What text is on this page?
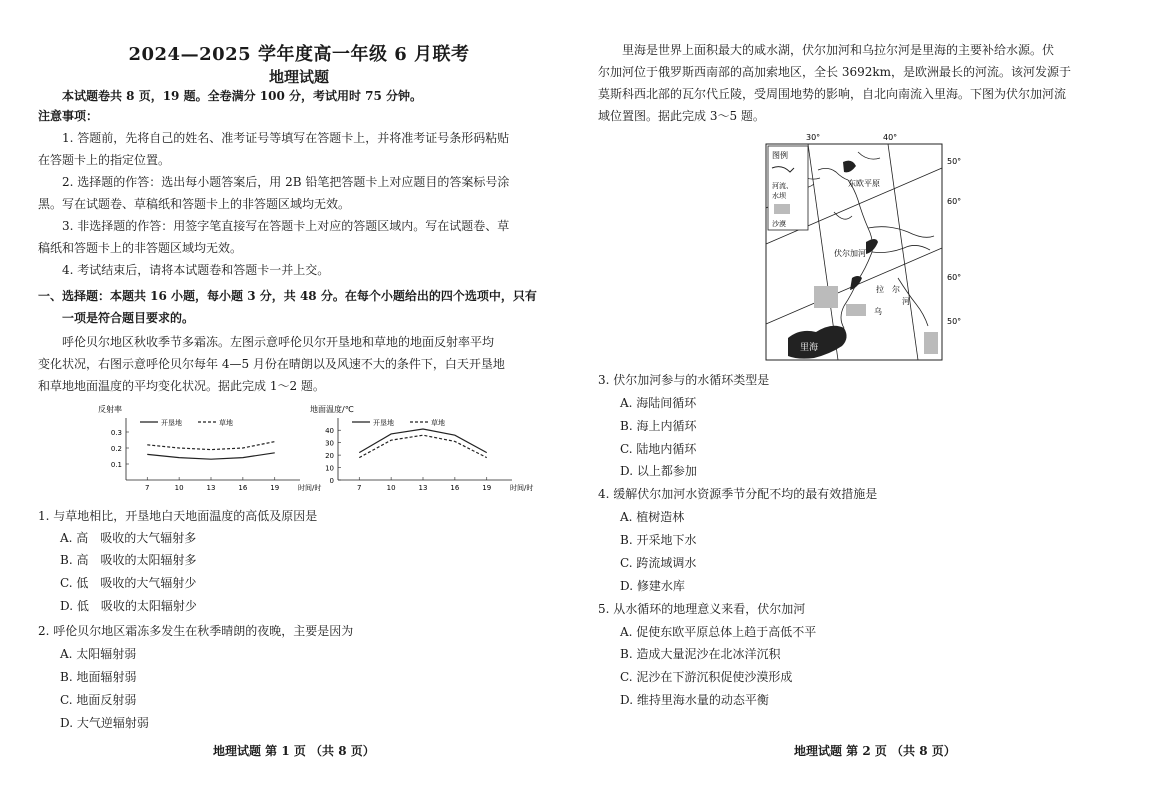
2024—2025 学年度高一年级 6 月联考
地理试题
本试题卷共 8 页，19 题。全卷满分 100 分，考试用时 75 分钟。
注意事项：
1. 答题前，先将自己的姓名、准考证号等填写在答题卡上，并将准考证号条形码粘贴
在答题卡上的指定位置。
2. 选择题的作答：选出每小题答案后，用 2B 铅笔把答题卡上对应题目的答案标号涂
黑。写在试题卷、草稿纸和答题卡上的非答题区域均无效。
3. 非选择题的作答：用签字笔直接写在答题卡上对应的答题区域内。写在试题卷、草
稿纸和答题卡上的非答题区域均无效。
4. 考试结束后，请将本试题卷和答题卡一并上交。
一、选择题：本题共 16 小题，每小题 3 分，共 48 分。在每个小题给出的四个选项中，只有
一项是符合题目要求的。
呼伦贝尔地区秋收季节多霜冻。左图示意呼伦贝尔开垦地和草地的地面反射率平均
变化状况，右图示意呼伦贝尔每年 4—5 月份在晴朗以及风速不大的条件下，白天开垦地
和草地地面温度的平均变化状况。据此完成 1～2 题。
反射率
0.1
0.2
0.3
7	10	13	16	19	时间/时
开垦地	草地
地面温度/℃
0
10
20
30
40
7	10	13	16	19	时间/时
开垦地	草地
1. 与草地相比，开垦地白天地面温度的高低及原因是
A. 高　吸收的大气辐射多
B. 高　吸收的太阳辐射多
C. 低　吸收的大气辐射少
D. 低　吸收的太阳辐射少
2. 呼伦贝尔地区霜冻多发生在秋季晴朗的夜晚，主要是因为
A. 太阳辐射弱
B. 地面辐射弱
C. 地面反射弱
D. 大气逆辐射弱
地理试题 第 1 页 （共 8 页）
里海是世界上面积最大的咸水湖，伏尔加河和乌拉尔河是里海的主要补给水源。伏
尔加河位于俄罗斯西南部的高加索地区，全长 3692km，是欧洲最长的河流。该河发源于
莫斯科西北部的瓦尔代丘陵，受周围地势的影响，自北向南流入里海。下图为伏尔加河流
域位置图。据此完成 3～5 题。
30°	40°
50°
60°
60°
50°
里海
东欧平原
伏尔加河
拉 尔
河
乌
图例
河流、
水坝
沙漠
3. 伏尔加河参与的水循环类型是
A. 海陆间循环
B. 海上内循环
C. 陆地内循环
D. 以上都参加
4. 缓解伏尔加河水资源季节分配不均的最有效措施是
A. 植树造林
B. 开采地下水
C. 跨流域调水
D. 修建水库
5. 从水循环的地理意义来看，伏尔加河
A. 促使东欧平原总体上趋于高低不平
B. 造成大量泥沙在北冰洋沉积
C. 泥沙在下游沉积促使沙漠形成
D. 维持里海水量的动态平衡
地理试题 第 2 页 （共 8 页）
